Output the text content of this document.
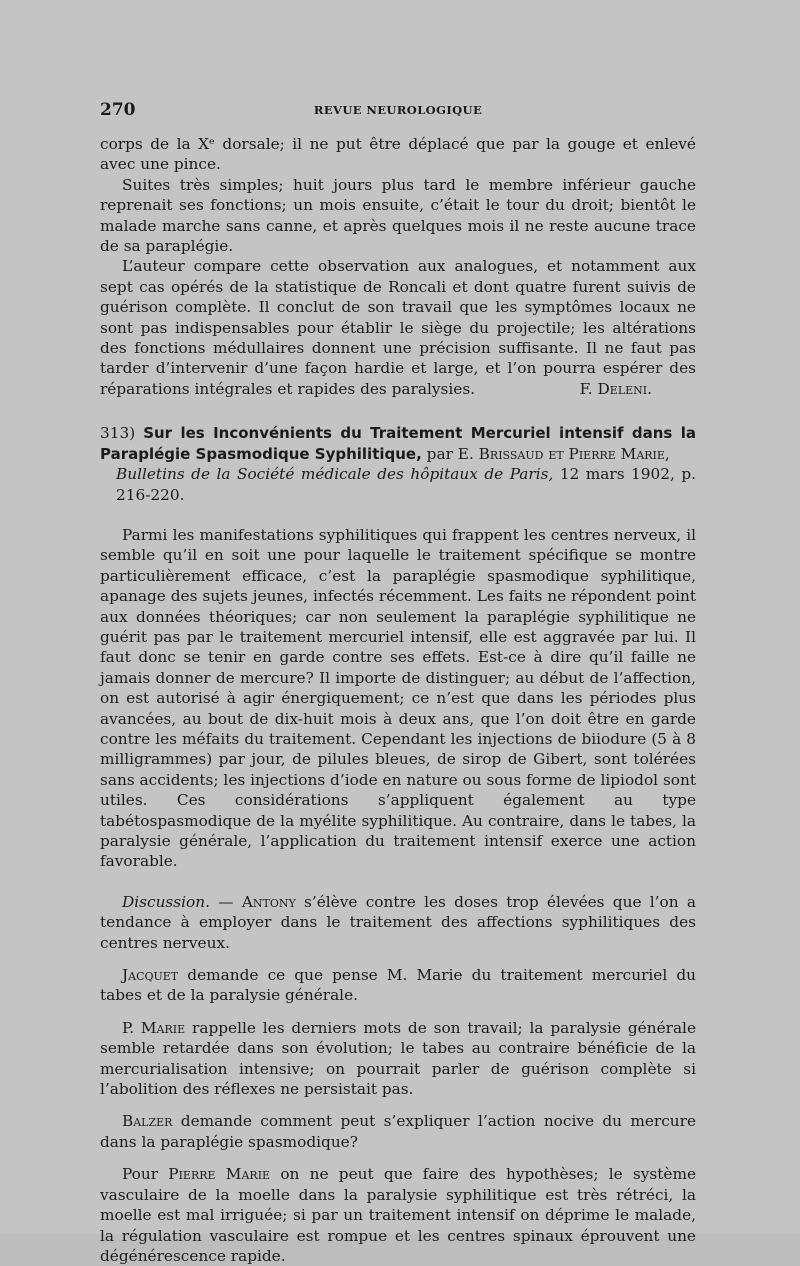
270	REVUE NEUROLOGIQUE

corps de la Xᵉ dorsale; il ne put être déplacé que par la gouge et enlevé avec une pince.

Suites très simples; huit jours plus tard le membre inférieur gauche reprenait ses fonctions; un mois ensuite, c’était le tour du droit; bientôt le malade marche sans canne, et après quelques mois il ne reste aucune trace de sa paraplégie.

L’auteur compare cette observation aux analogues, et notamment aux sept cas opérés de la statistique de Roncali et dont quatre furent suivis de guérison complète. Il conclut de son travail que les symptômes locaux ne sont pas indispensables pour établir le siège du projectile; les altérations des fonctions médullaires donnent une précision suffisante. Il ne faut pas tarder d’intervenir d’une façon hardie et large, et l’on pourra espérer des réparations intégrales et rapides des paralysies.	F. Deleni.

313) Sur les Inconvénients du Traitement Mercuriel intensif dans la Paraplégie Spasmodique Syphilitique, par E. Brissaud et Pierre Marie,

Bulletins de la Société médicale des hôpitaux de Paris, 12 mars 1902, p. 216-220.

Parmi les manifestations syphilitiques qui frappent les centres nerveux, il semble qu’il en soit une pour laquelle le traitement spécifique se montre particulièrement efficace, c’est la paraplégie spasmodique syphilitique, apanage des sujets jeunes, infectés récemment. Les faits ne répondent point aux données théoriques; car non seulement la paraplégie syphilitique ne guérit pas par le traitement mercuriel intensif, elle est aggravée par lui. Il faut donc se tenir en garde contre ses effets. Est-ce à dire qu’il faille ne jamais donner de mercure? Il importe de distinguer; au début de l’affection, on est autorisé à agir énergiquement; ce n’est que dans les périodes plus avancées, au bout de dix-huit mois à deux ans, que l’on doit être en garde contre les méfaits du traitement. Cependant les injections de biiodure (5 à 8 milligrammes) par jour, de pilules bleues, de sirop de Gibert, sont tolérées sans accidents; les injections d’iode en nature ou sous forme de lipiodol sont utiles. Ces considérations s’appliquent également au type tabétospasmodique de la myélite syphilitique. Au contraire, dans le tabes, la paralysie générale, l’application du traitement intensif exerce une action favorable.

Discussion. — Antony s’élève contre les doses trop élevées que l’on a tendance à employer dans le traitement des affections syphilitiques des centres nerveux.

Jacquet demande ce que pense M. Marie du traitement mercuriel du tabes et de la paralysie générale.

P. Marie rappelle les derniers mots de son travail; la paralysie générale semble retardée dans son évolution; le tabes au contraire bénéficie de la mercurialisation intensive; on pourrait parler de guérison complète si l’abolition des réflexes ne persistait pas.

Balzer demande comment peut s’expliquer l’action nocive du mercure dans la paraplégie spasmodique?

Pour Pierre Marie on ne peut que faire des hypothèses; le système vasculaire de la moelle dans la paralysie syphilitique est très rétréci, la moelle est mal irriguée; si par un traitement intensif on déprime le malade, la régulation vasculaire est rompue et les centres spinaux éprouvent une dégénérescence rapide.
